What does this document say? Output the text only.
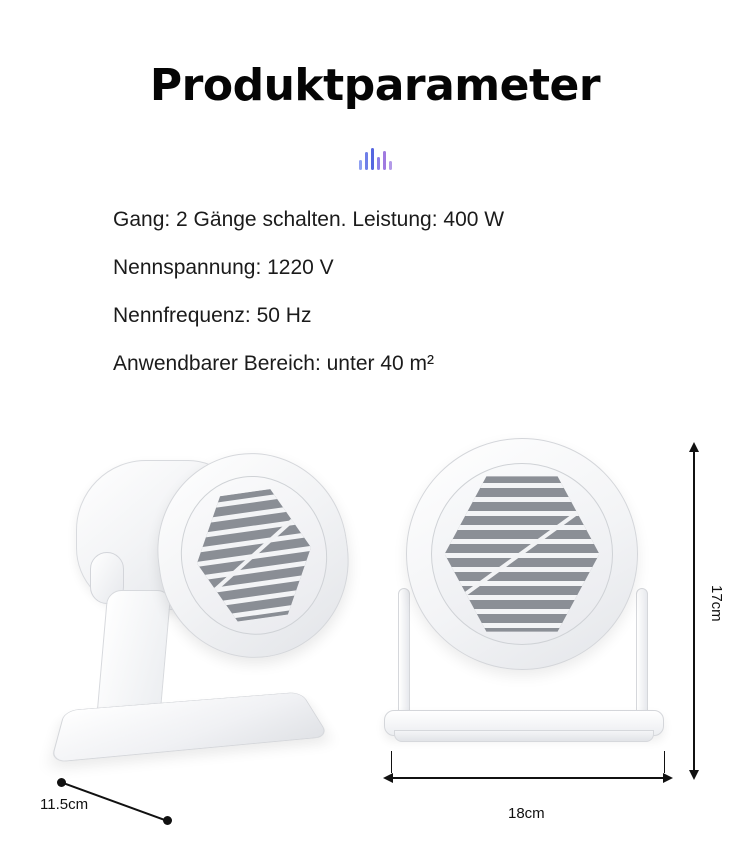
Produktparameter
Gang: 2 Gänge schalten. Leistung: 400 W
Nennspannung: 1220 V
Nennfrequenz: 50 Hz
Anwendbarer Bereich: unter 40 m²
17cm
18cm
11.5cm
